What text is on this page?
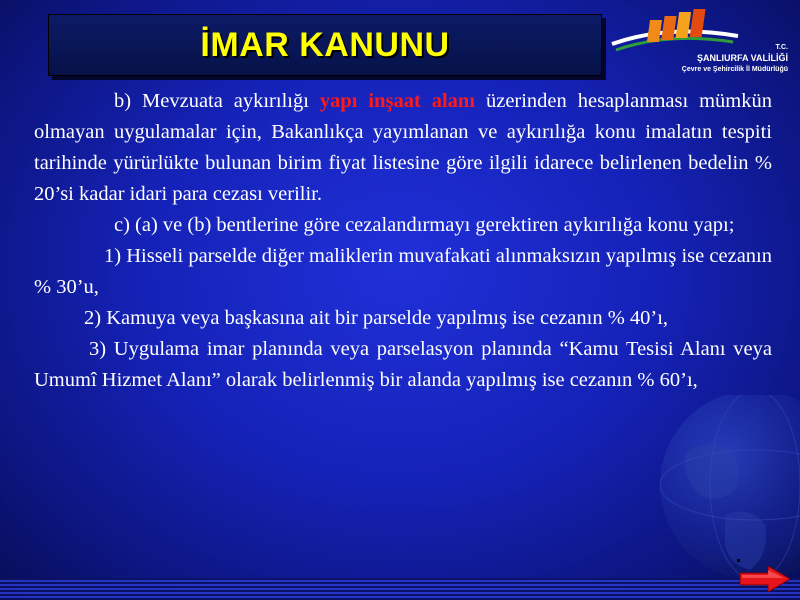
İMAR KANUNU	T.C.
ŞANLIURFA VALİLİĞİ
Çevre ve Şehircilik İl Müdürlüğü

b) Mevzuata aykırılığı yapı inşaat alanı üzerinden hesaplanması mümkün olmayan uygulamalar için, Bakanlıkça yayımlanan ve aykırılığa konu imalatın tespiti tarihinde yürürlükte bulunan birim fiyat listesine göre ilgili idarece belirlenen bedelin % 20’si kadar idari para cezası verilir.

c) (a) ve (b) bentlerine göre cezalandırmayı gerektiren aykırılığa konu yapı;

1) Hisseli parselde diğer maliklerin muvafakati alınmaksızın yapılmış ise cezanın % 30’u,

2) Kamuya veya başkasına ait bir parselde yapılmış ise cezanın % 40’ı,

3) Uygulama imar planında veya parselasyon planında “Kamu Tesisi Alanı veya Umumî Hizmet Alanı” olarak belirlenmiş bir alanda yapılmış ise cezanın % 60’ı,
